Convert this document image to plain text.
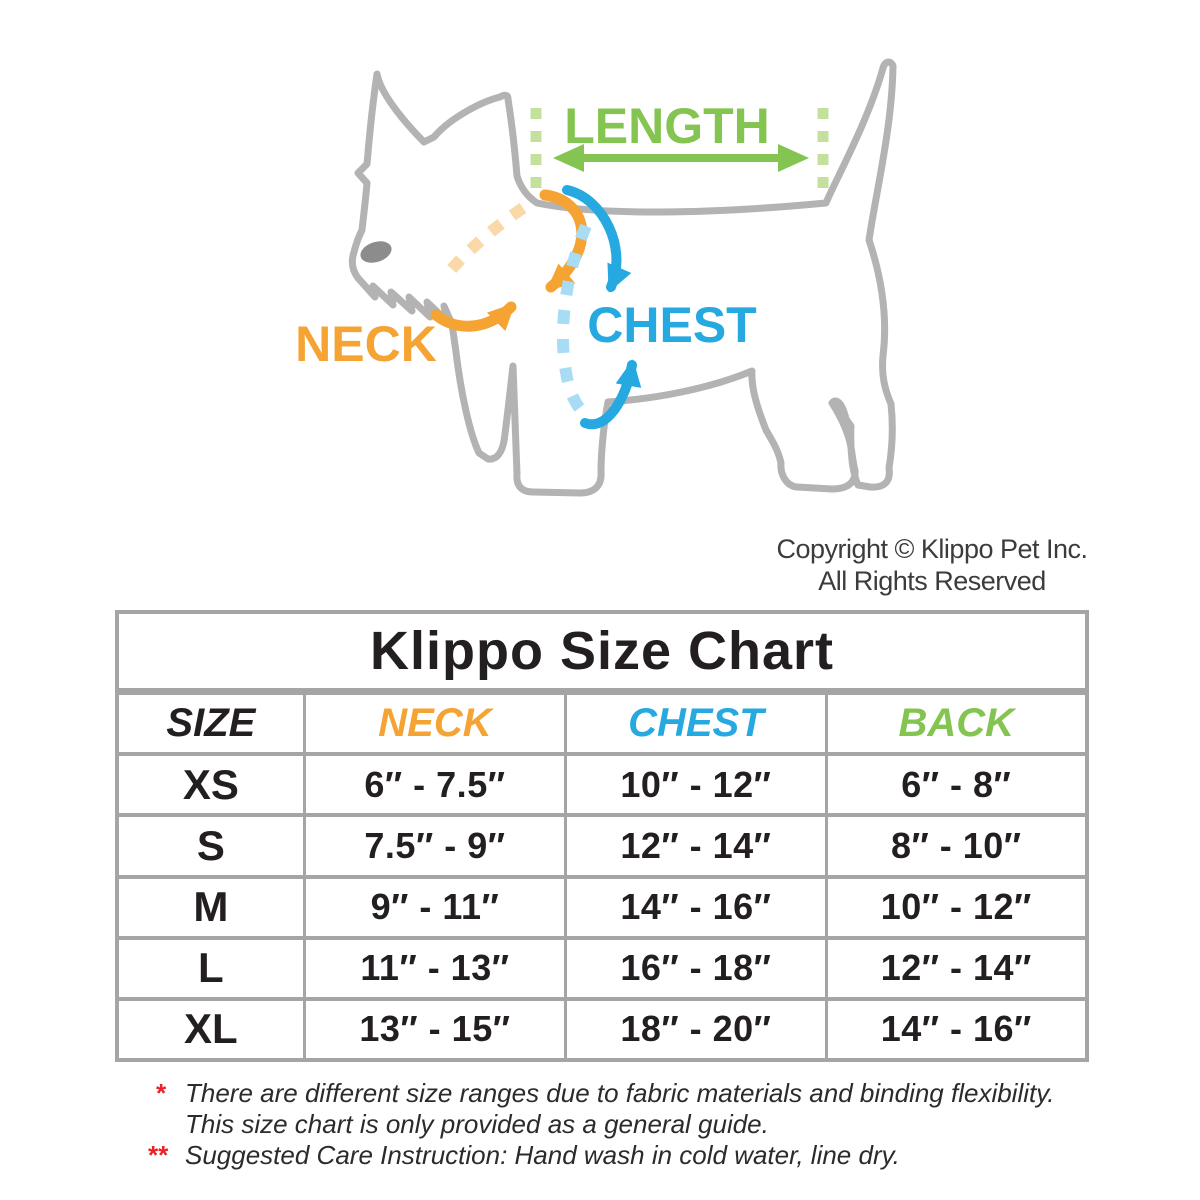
LENGTH
NECK	CHEST
Copyright © Klippo Pet Inc.
All Rights Reserved
Klippo Size Chart
SIZE	NECK	CHEST	BACK
XS	6″ - 7.5″	10″ - 12″	6″ - 8″
S	7.5″ - 9″	12″ - 14″	8″ - 10″
M	9″ - 11″	14″ - 16″	10″ - 12″
L	11″ - 13″	16″ - 18″	12″ - 14″
XL	13″ - 15″	18″ - 20″	14″ - 16″
* There are different size ranges due to fabric materials and binding flexibility.
This size chart is only provided as a general guide.
** Suggested Care Instruction: Hand wash in cold water, line dry.
